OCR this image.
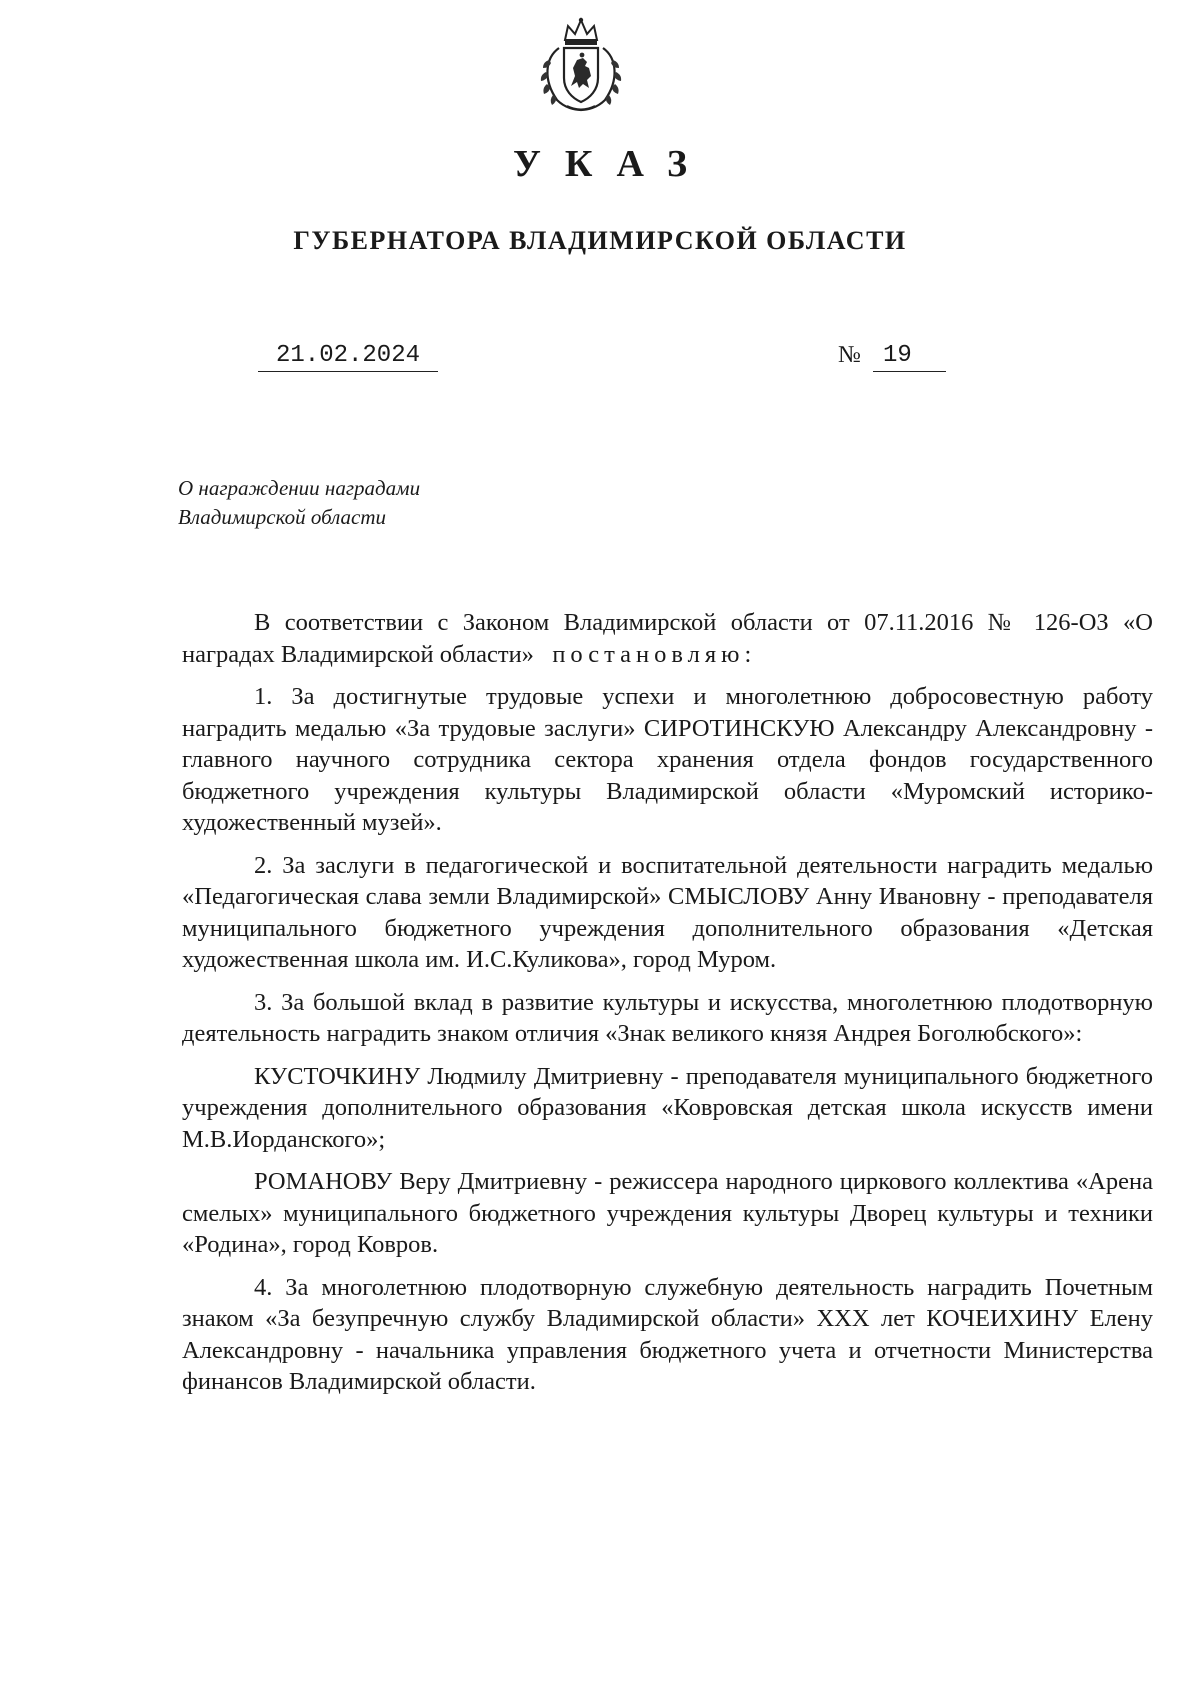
УКАЗ
ГУБЕРНАТОРА ВЛАДИМИРСКОЙ ОБЛАСТИ
21.02.2024	№ 19
О награждении наградами
Владимирской области

В соответствии с Законом Владимирской области от 07.11.2016 № 126-ОЗ «О наградах Владимирской области» постановляю:

1. За достигнутые трудовые успехи и многолетнюю добросовестную работу наградить медалью «За трудовые заслуги» СИРОТИНСКУЮ Александру Александровну - главного научного сотрудника сектора хранения отдела фондов государственного бюджетного учреждения культуры Владимирской области «Муромский историко-художественный музей».

2. За заслуги в педагогической и воспитательной деятельности наградить медалью «Педагогическая слава земли Владимирской» СМЫСЛОВУ Анну Ивановну - преподавателя муниципального бюджетного учреждения дополнительного образования «Детская художественная школа им. И.С.Куликова», город Муром.

3. За большой вклад в развитие культуры и искусства, многолетнюю плодотворную деятельность наградить знаком отличия «Знак великого князя Андрея Боголюбского»:

КУСТОЧКИНУ Людмилу Дмитриевну - преподавателя муниципального бюджетного учреждения дополнительного образования «Ковровская детская школа искусств имени М.В.Иорданского»;

РОМАНОВУ Веру Дмитриевну - режиссера народного циркового коллектива «Арена смелых» муниципального бюджетного учреждения культуры Дворец культуры и техники «Родина», город Ковров.

4. За многолетнюю плодотворную служебную деятельность наградить Почетным знаком «За безупречную службу Владимирской области» XXX лет КОЧЕИХИНУ Елену Александровну - начальника управления бюджетного учета и отчетности Министерства финансов Владимирской области.
